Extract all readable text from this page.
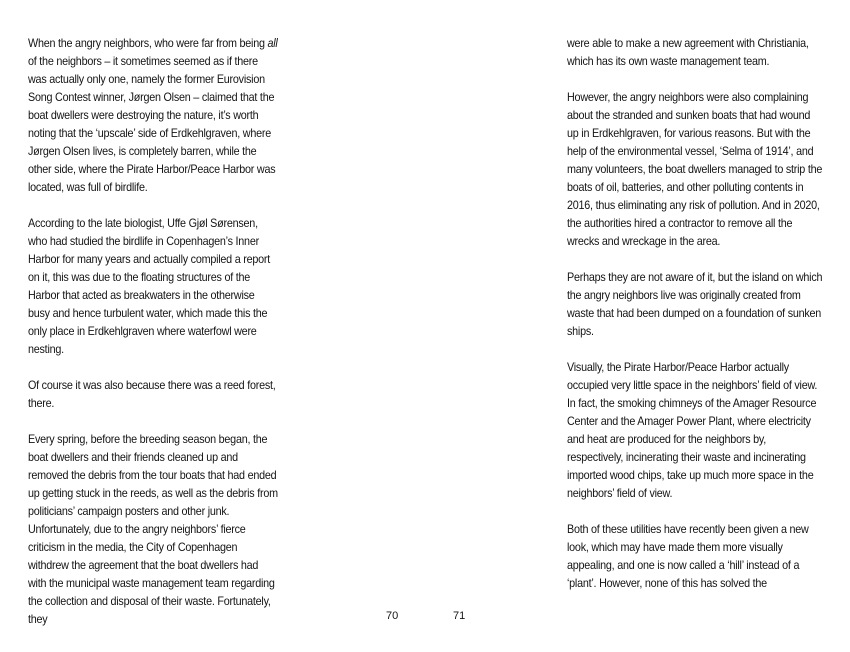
When the angry neighbors, who were far from being all of the neighbors – it sometimes seemed as if there was actually only one, namely the former Eurovision Song Contest winner, Jørgen Olsen – claimed that the boat dwellers were destroying the nature, it’s worth noting that the ‘upscale’ side of Erdkehlgraven, where Jørgen Olsen lives, is completely barren, while the other side, where the Pirate Harbor/Peace Harbor was located, was full of birdlife.

According to the late biologist, Uffe Gjøl Sørensen, who had studied the birdlife in Copenhagen’s Inner Harbor for many years and actually compiled a report on it, this was due to the floating structures of the Harbor that acted as breakwaters in the otherwise busy and hence turbulent water, which made this the only place in Erdkehlgraven where waterfowl were nesting.

Of course it was also because there was a reed forest, there.

Every spring, before the breeding season began, the boat dwellers and their friends cleaned up and removed the debris from the tour boats that had ended up getting stuck in the reeds, as well as the debris from politicians’ campaign posters and other junk. Unfortunately, due to the angry neighbors’ fierce criticism in the media, the City of Copenhagen withdrew the agreement that the boat dwellers had with the municipal waste management team regarding the collection and disposal of their waste. Fortunately, they

were able to make a new agreement with Christiania, which has its own waste management team.

However, the angry neighbors were also complaining about the stranded and sunken boats that had wound up in Erdkehlgraven, for various reasons. But with the help of the environmental vessel, ‘Selma of 1914’, and many volunteers, the boat dwellers managed to strip the boats of oil, batteries, and other polluting contents in 2016, thus eliminating any risk of pollution. And in 2020, the authorities hired a contractor to remove all the wrecks and wreckage in the area.

Perhaps they are not aware of it, but the island on which the angry neighbors live was originally created from waste that had been dumped on a foundation of sunken ships.

Visually, the Pirate Harbor/Peace Harbor actually occupied very little space in the neighbors’ field of view. In fact, the smoking chimneys of the Amager Resource Center and the Amager Power Plant, where electricity and heat are produced for the neighbors by, respectively, incinerating their waste and incinerating imported wood chips, take up much more space in the neighbors’ field of view.

Both of these utilities have recently been given a new look, which may have made them more visually appealing, and one is now called a ‘hill’ instead of a ‘plant’. However, none of this has solved the

70	71
